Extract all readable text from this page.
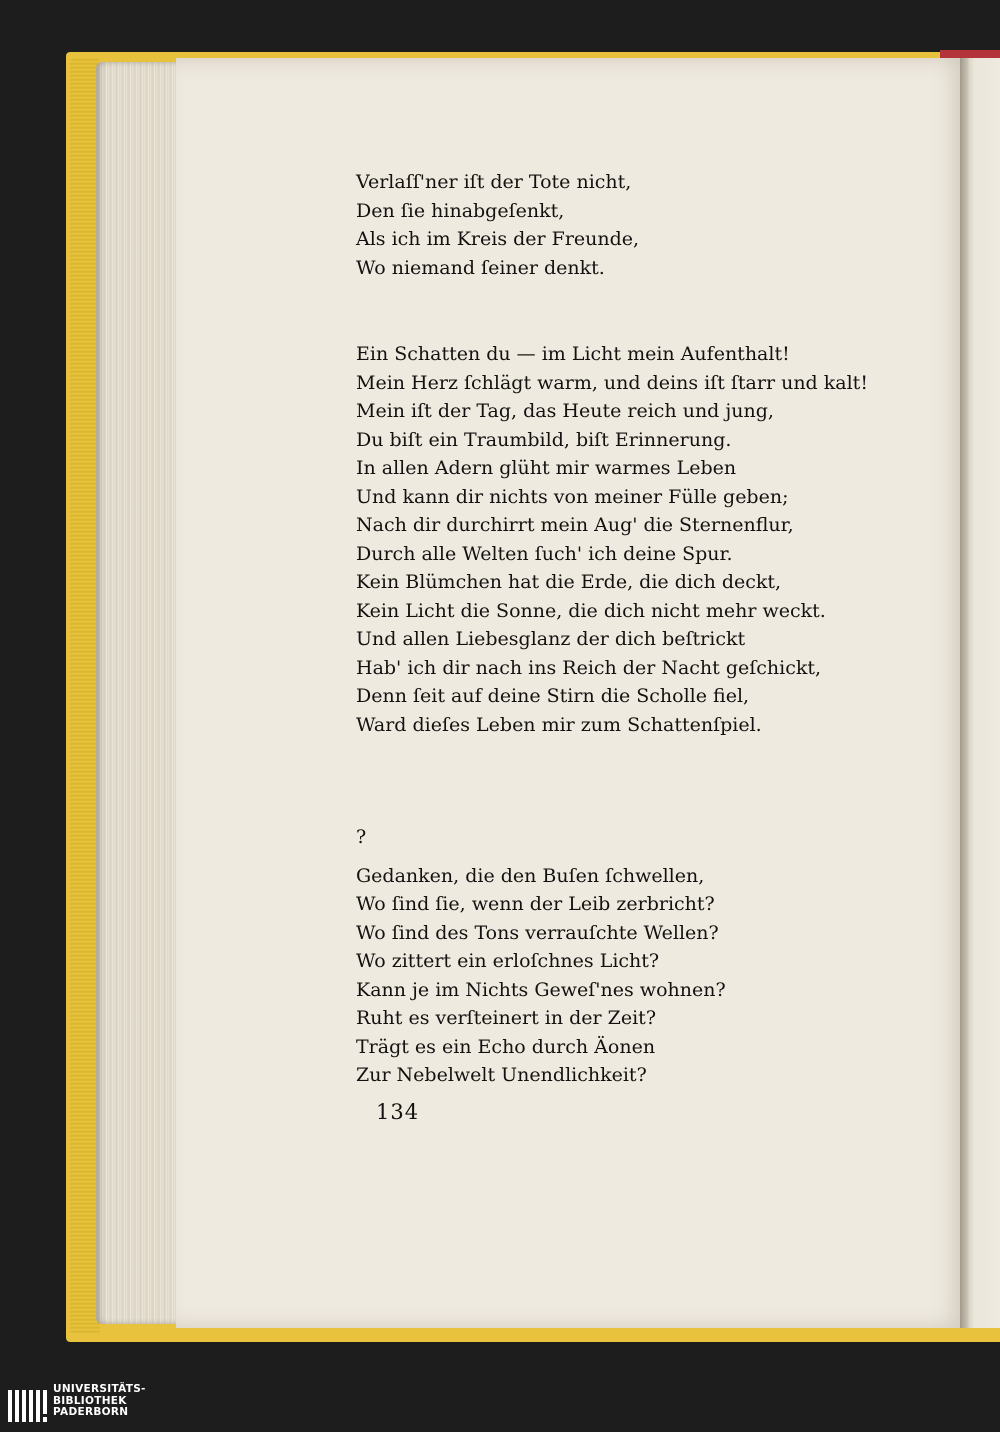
Verlaſſ'ner iſt der Tote nicht,
Den ſie hinabgeſenkt,
Als ich im Kreis der Freunde,
Wo niemand ſeiner denkt.
Ein Schatten du — im Licht mein Aufenthalt!
Mein Herz ſchlägt warm, und deins iſt ſtarr und kalt!
Mein iſt der Tag, das Heute reich und jung,
Du biſt ein Traumbild, biſt Erinnerung.
In allen Adern glüht mir warmes Leben
Und kann dir nichts von meiner Fülle geben;
Nach dir durchirrt mein Aug' die Sternenflur,
Durch alle Welten ſuch' ich deine Spur.
Kein Blümchen hat die Erde, die dich deckt,
Kein Licht die Sonne, die dich nicht mehr weckt.
Und allen Liebesglanz der dich beſtrickt
Hab' ich dir nach ins Reich der Nacht geſchickt,
Denn ſeit auf deine Stirn die Scholle fiel,
Ward dieſes Leben mir zum Schattenſpiel.
?
Gedanken, die den Buſen ſchwellen,
Wo ſind ſie, wenn der Leib zerbricht?
Wo ſind des Tons verrauſchte Wellen?
Wo zittert ein erloſchnes Licht?
Kann je im Nichts Geweſ'nes wohnen?
Ruht es verſteinert in der Zeit?
Trägt es ein Echo durch Äonen
Zur Nebelwelt Unendlichkeit?
134
UNIVERSITÄTS-
BIBLIOTHEK
PADERBORN
